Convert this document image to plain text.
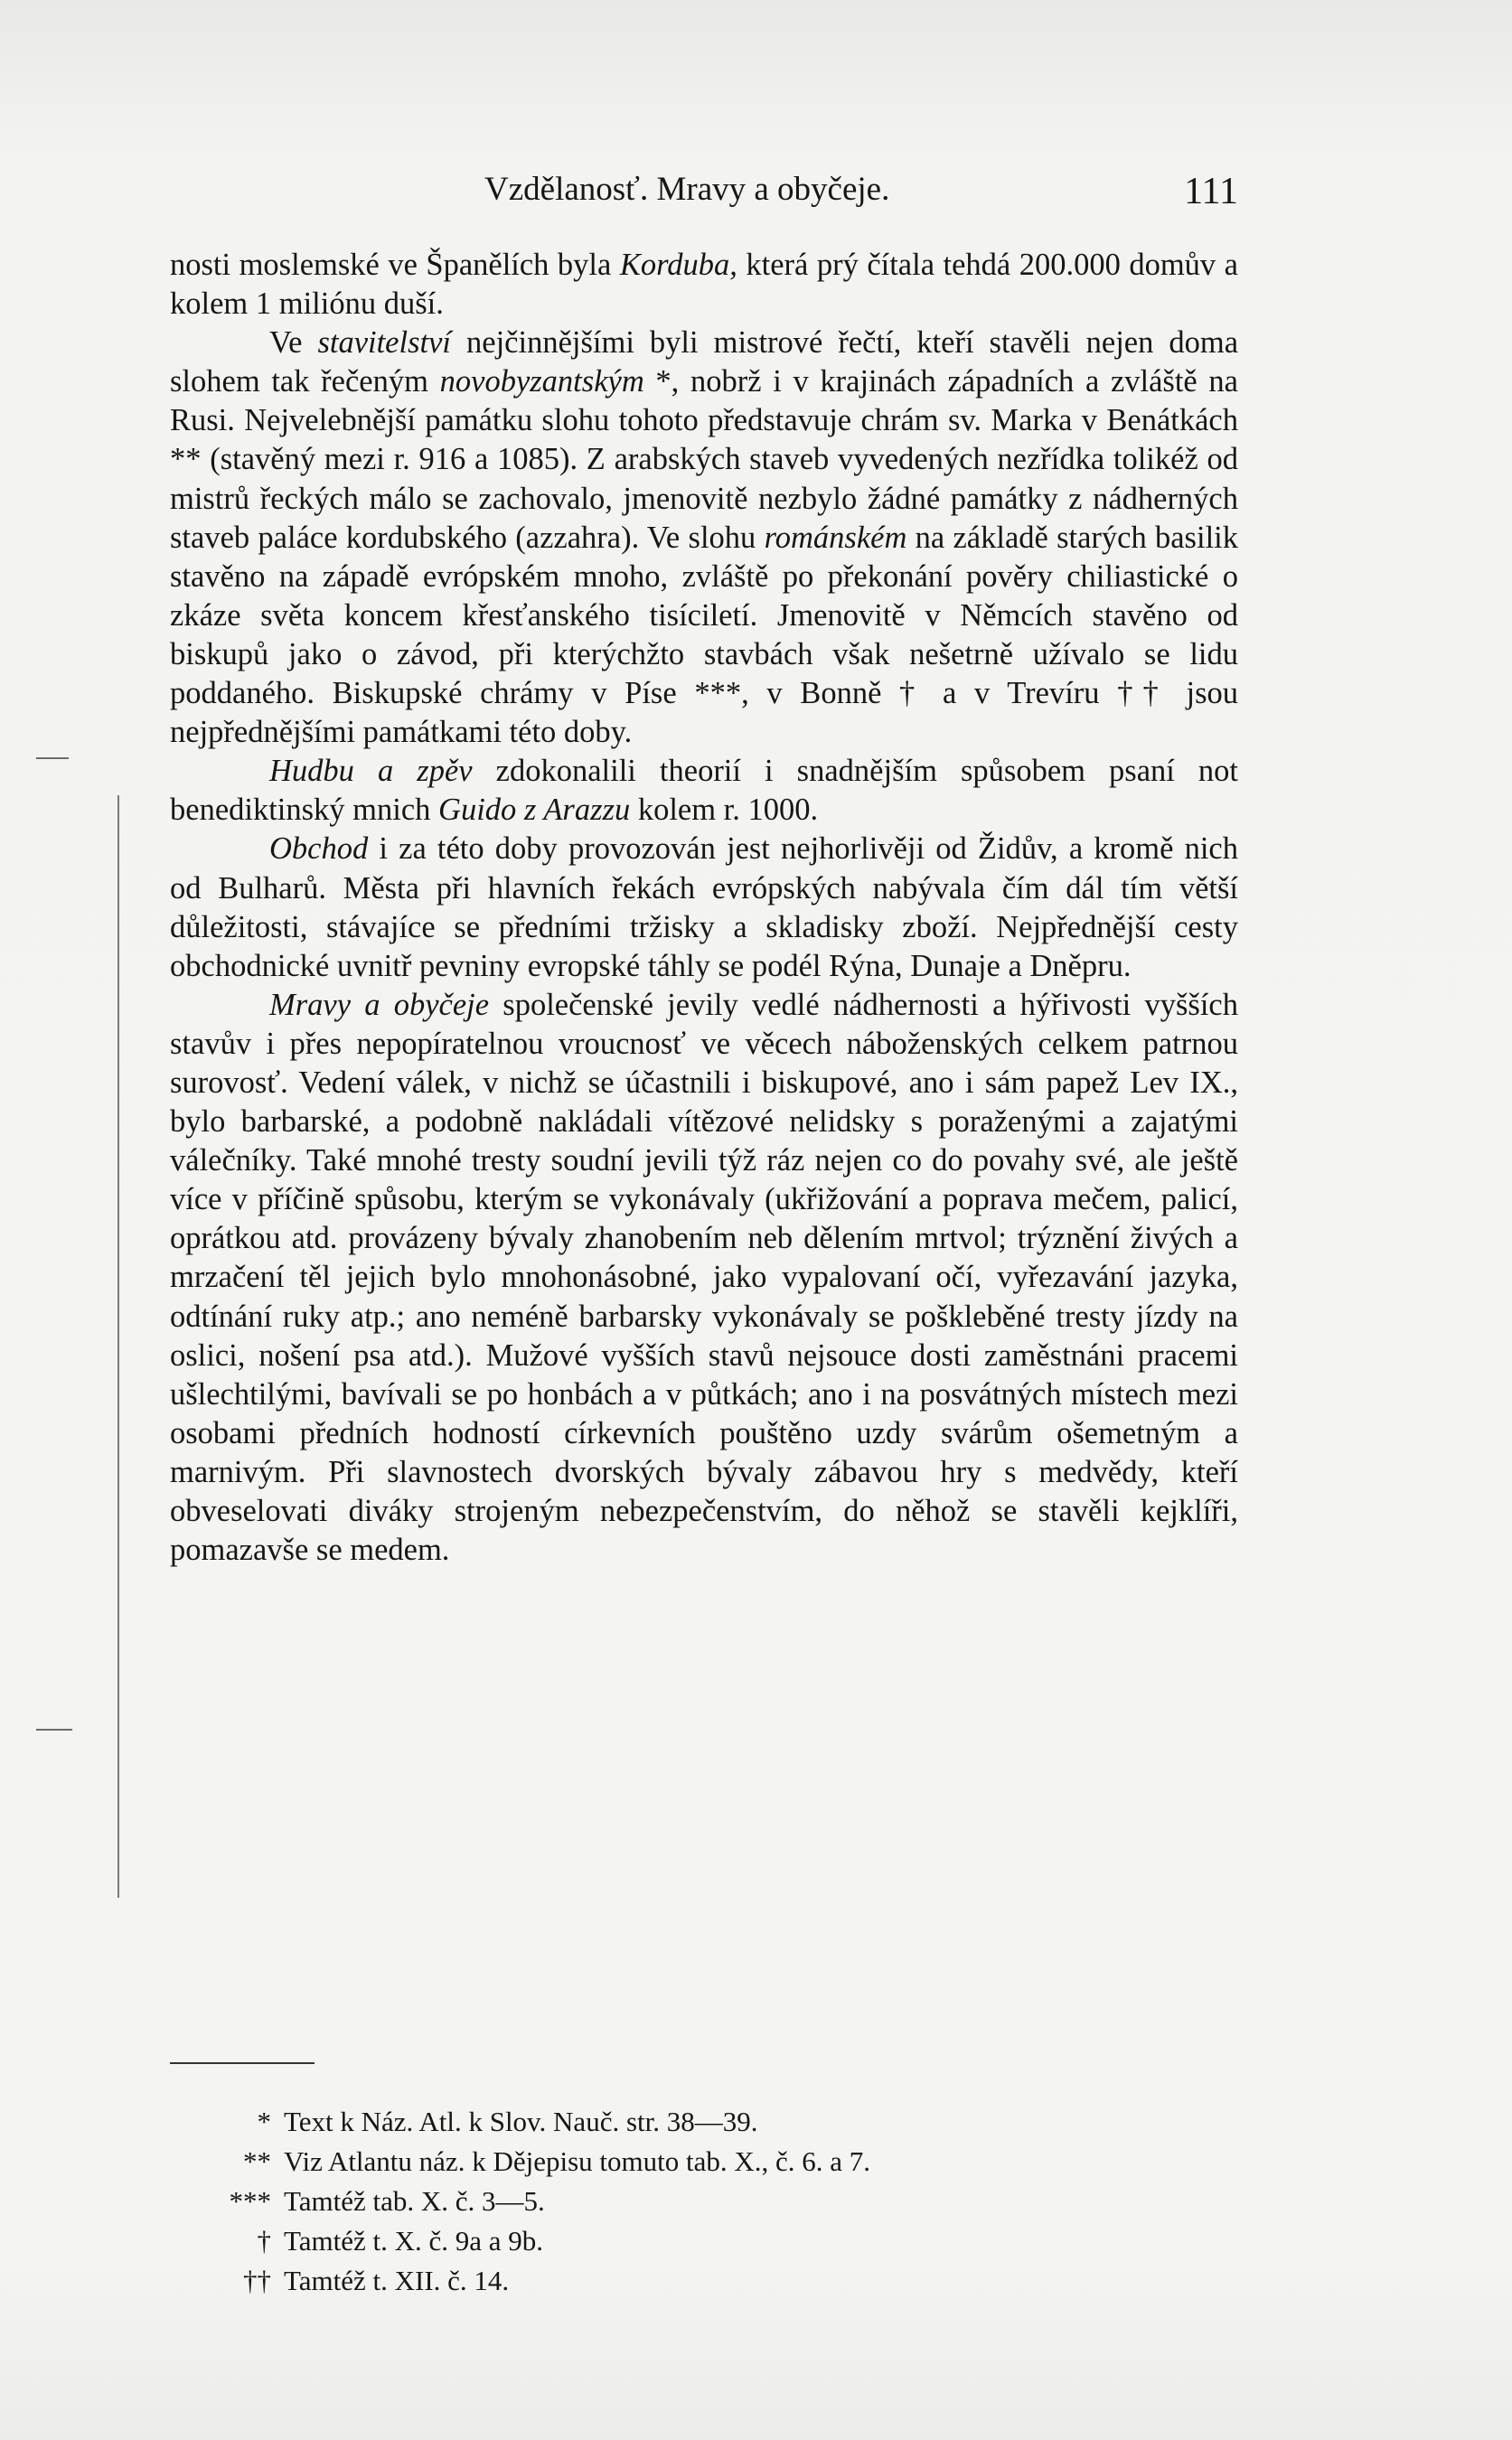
Vzdělanosť. Mravy a obyčeje.	111

nosti moslemské ve Španělích byla Korduba, která prý čítala tehdá 200.000 domův a kolem 1 miliónu duší.

Ve stavitelství nejčinnějšími byli mistrové řečtí, kteří stavěli nejen doma slohem tak řečeným novobyzantským *, nobrž i v krajinách západních a zvláště na Rusi. Nejvelebnější památku slohu tohoto představuje chrám sv. Marka v Benátkách ** (stavěný mezi r. 916 a 1085). Z arabských staveb vyvedených nezřídka tolikéž od mistrů řeckých málo se zachovalo, jmenovitě nezbylo žádné památky z nádherných staveb paláce kordubského (azzahra). Ve slohu románském na základě starých basilik stavěno na západě evrópském mnoho, zvláště po překonání pověry chiliastické o zkáze světa koncem křesťanského tisíciletí. Jmenovitě v Němcích stavěno od biskupů jako o závod, při kterýchžto stavbách však nešetrně užívalo se lidu poddaného. Biskupské chrámy v Píse ***, v Bonně † a v Trevíru †† jsou nejpřednějšími památkami této doby.

Hudbu a zpěv zdokonalili theorií i snadnějším spůsobem psaní not benediktinský mnich Guido z Arazzu kolem r. 1000.

Obchod i za této doby provozován jest nejhorlivěji od Židův, a kromě nich od Bulharů. Města při hlavních řekách evrópských nabývala čím dál tím větší důležitosti, stávajíce se předními tržisky a skladisky zboží. Nejpřednější cesty obchodnické uvnitř pevniny evropské táhly se podél Rýna, Dunaje a Dněpru.

Mravy a obyčeje společenské jevily vedlé nádhernosti a hýřivosti vyšších stavův i přes nepopíratelnou vroucnosť ve věcech náboženských celkem patrnou surovosť. Vedení válek, v nichž se účastnili i biskupové, ano i sám papež Lev IX., bylo barbarské, a podobně nakládali vítězové nelidsky s poraženými a zajatými válečníky. Také mnohé tresty soudní jevili týž ráz nejen co do povahy své, ale ještě více v příčině spůsobu, kterým se vykonávaly (ukřižování a poprava mečem, palicí, oprátkou atd. provázeny bývaly zhanobením neb dělením mrtvol; trýznění živých a mrzačení těl jejich bylo mnohonásobné, jako vypalovaní očí, vyřezavání jazyka, odtínání ruky atp.; ano neméně barbarsky vykonávaly se poškleběné tresty jízdy na oslici, nošení psa atd.). Mužové vyšších stavů nejsouce dosti zaměstnáni pracemi ušlechtilými, bavívali se po honbách a v půtkách; ano i na posvátných místech mezi osobami předních hodností církevních pouštěno uzdy svárům ošemetným a marnivým. Při slavnostech dvorských bývaly zábavou hry s medvědy, kteří obveselovati diváky strojeným nebezpečenstvím, do něhož se stavěli kejklíři, pomazavše se medem.

* Text k Náz. Atl. k Slov. Nauč. str. 38—39.
** Viz Atlantu náz. k Dějepisu tomuto tab. X., č. 6. a 7.
*** Tamtéž tab. X. č. 3—5.
† Tamtéž t. X. č. 9a a 9b.
†† Tamtéž t. XII. č. 14.
